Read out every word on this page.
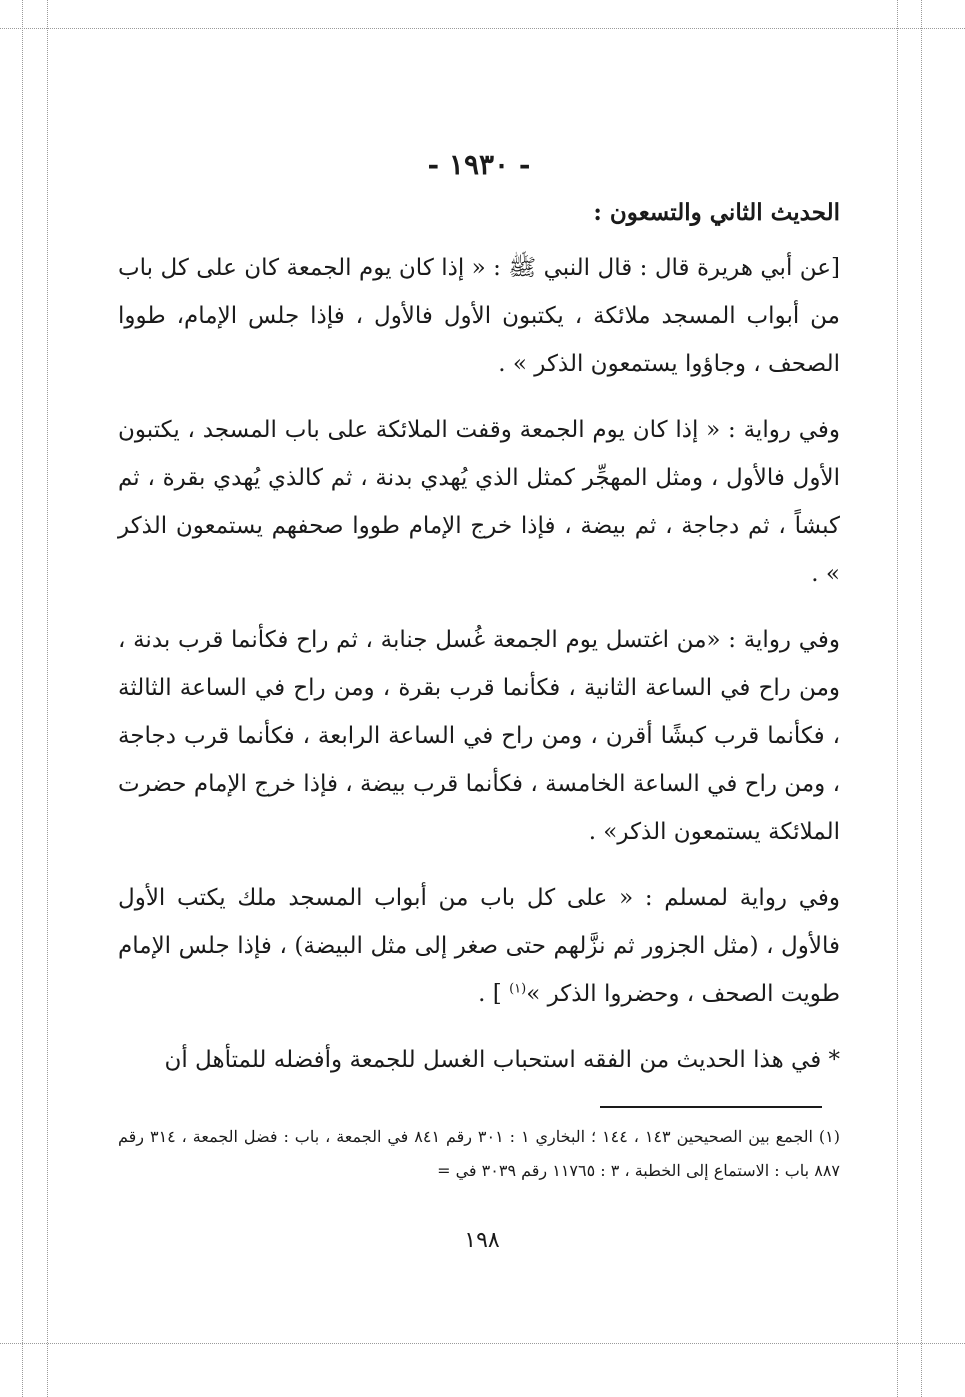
- ١٩٣٠ -
الحديث الثاني والتسعون :

[عن أبي هريرة قال : قال النبي ﷺ : « إذا كان يوم الجمعة كان على كل باب من أبواب المسجد ملائكة ، يكتبون الأول فالأول ، فإذا جلس الإمام، طووا الصحف ، وجاؤوا يستمعون الذكر » .

وفي رواية : « إذا كان يوم الجمعة وقفت الملائكة على باب المسجد ، يكتبون الأول فالأول ، ومثل المهجِّر كمثل الذي يُهدي بدنة ، ثم كالذي يُهدي بقرة ، ثم كبشاً ، ثم دجاجة ، ثم بيضة ، فإذا خرج الإمام طووا صحفهم يستمعون الذكر » .

وفي رواية : «من اغتسل يوم الجمعة غُسل جنابة ، ثم راح فكأنما قرب بدنة ، ومن راح في الساعة الثانية ، فكأنما قرب بقرة ، ومن راح في الساعة الثالثة ، فكأنما قرب كبشًا أقرن ، ومن راح في الساعة الرابعة ، فكأنما قرب دجاجة ، ومن راح في الساعة الخامسة ، فكأنما قرب بيضة ، فإذا خرج الإمام حضرت الملائكة يستمعون الذكر» .

وفي رواية لمسلم : « على كل باب من أبواب المسجد ملك يكتب الأول فالأول ، (مثل الجزور ثم نزَّلهم حتى صغر إلى مثل البيضة) ، فإذا جلس الإمام طويت الصحف ، وحضروا الذكر »$^{(١)}$ ] .

* في هذا الحديث من الفقه استحباب الغسل للجمعة وأفضله للمتأهل أن

(١) الجمع بين الصحيحين ١٤٣ ، ١٤٤ ؛ البخاري ١ : ٣٠١ رقم ٨٤١ في الجمعة ، باب : فضل الجمعة ، ٣١٤ رقم ٨٨٧ باب : الاستماع إلى الخطبة ، ٣ : ١١٧٦٥ رقم ٣٠٣٩ في =
١٩٨
